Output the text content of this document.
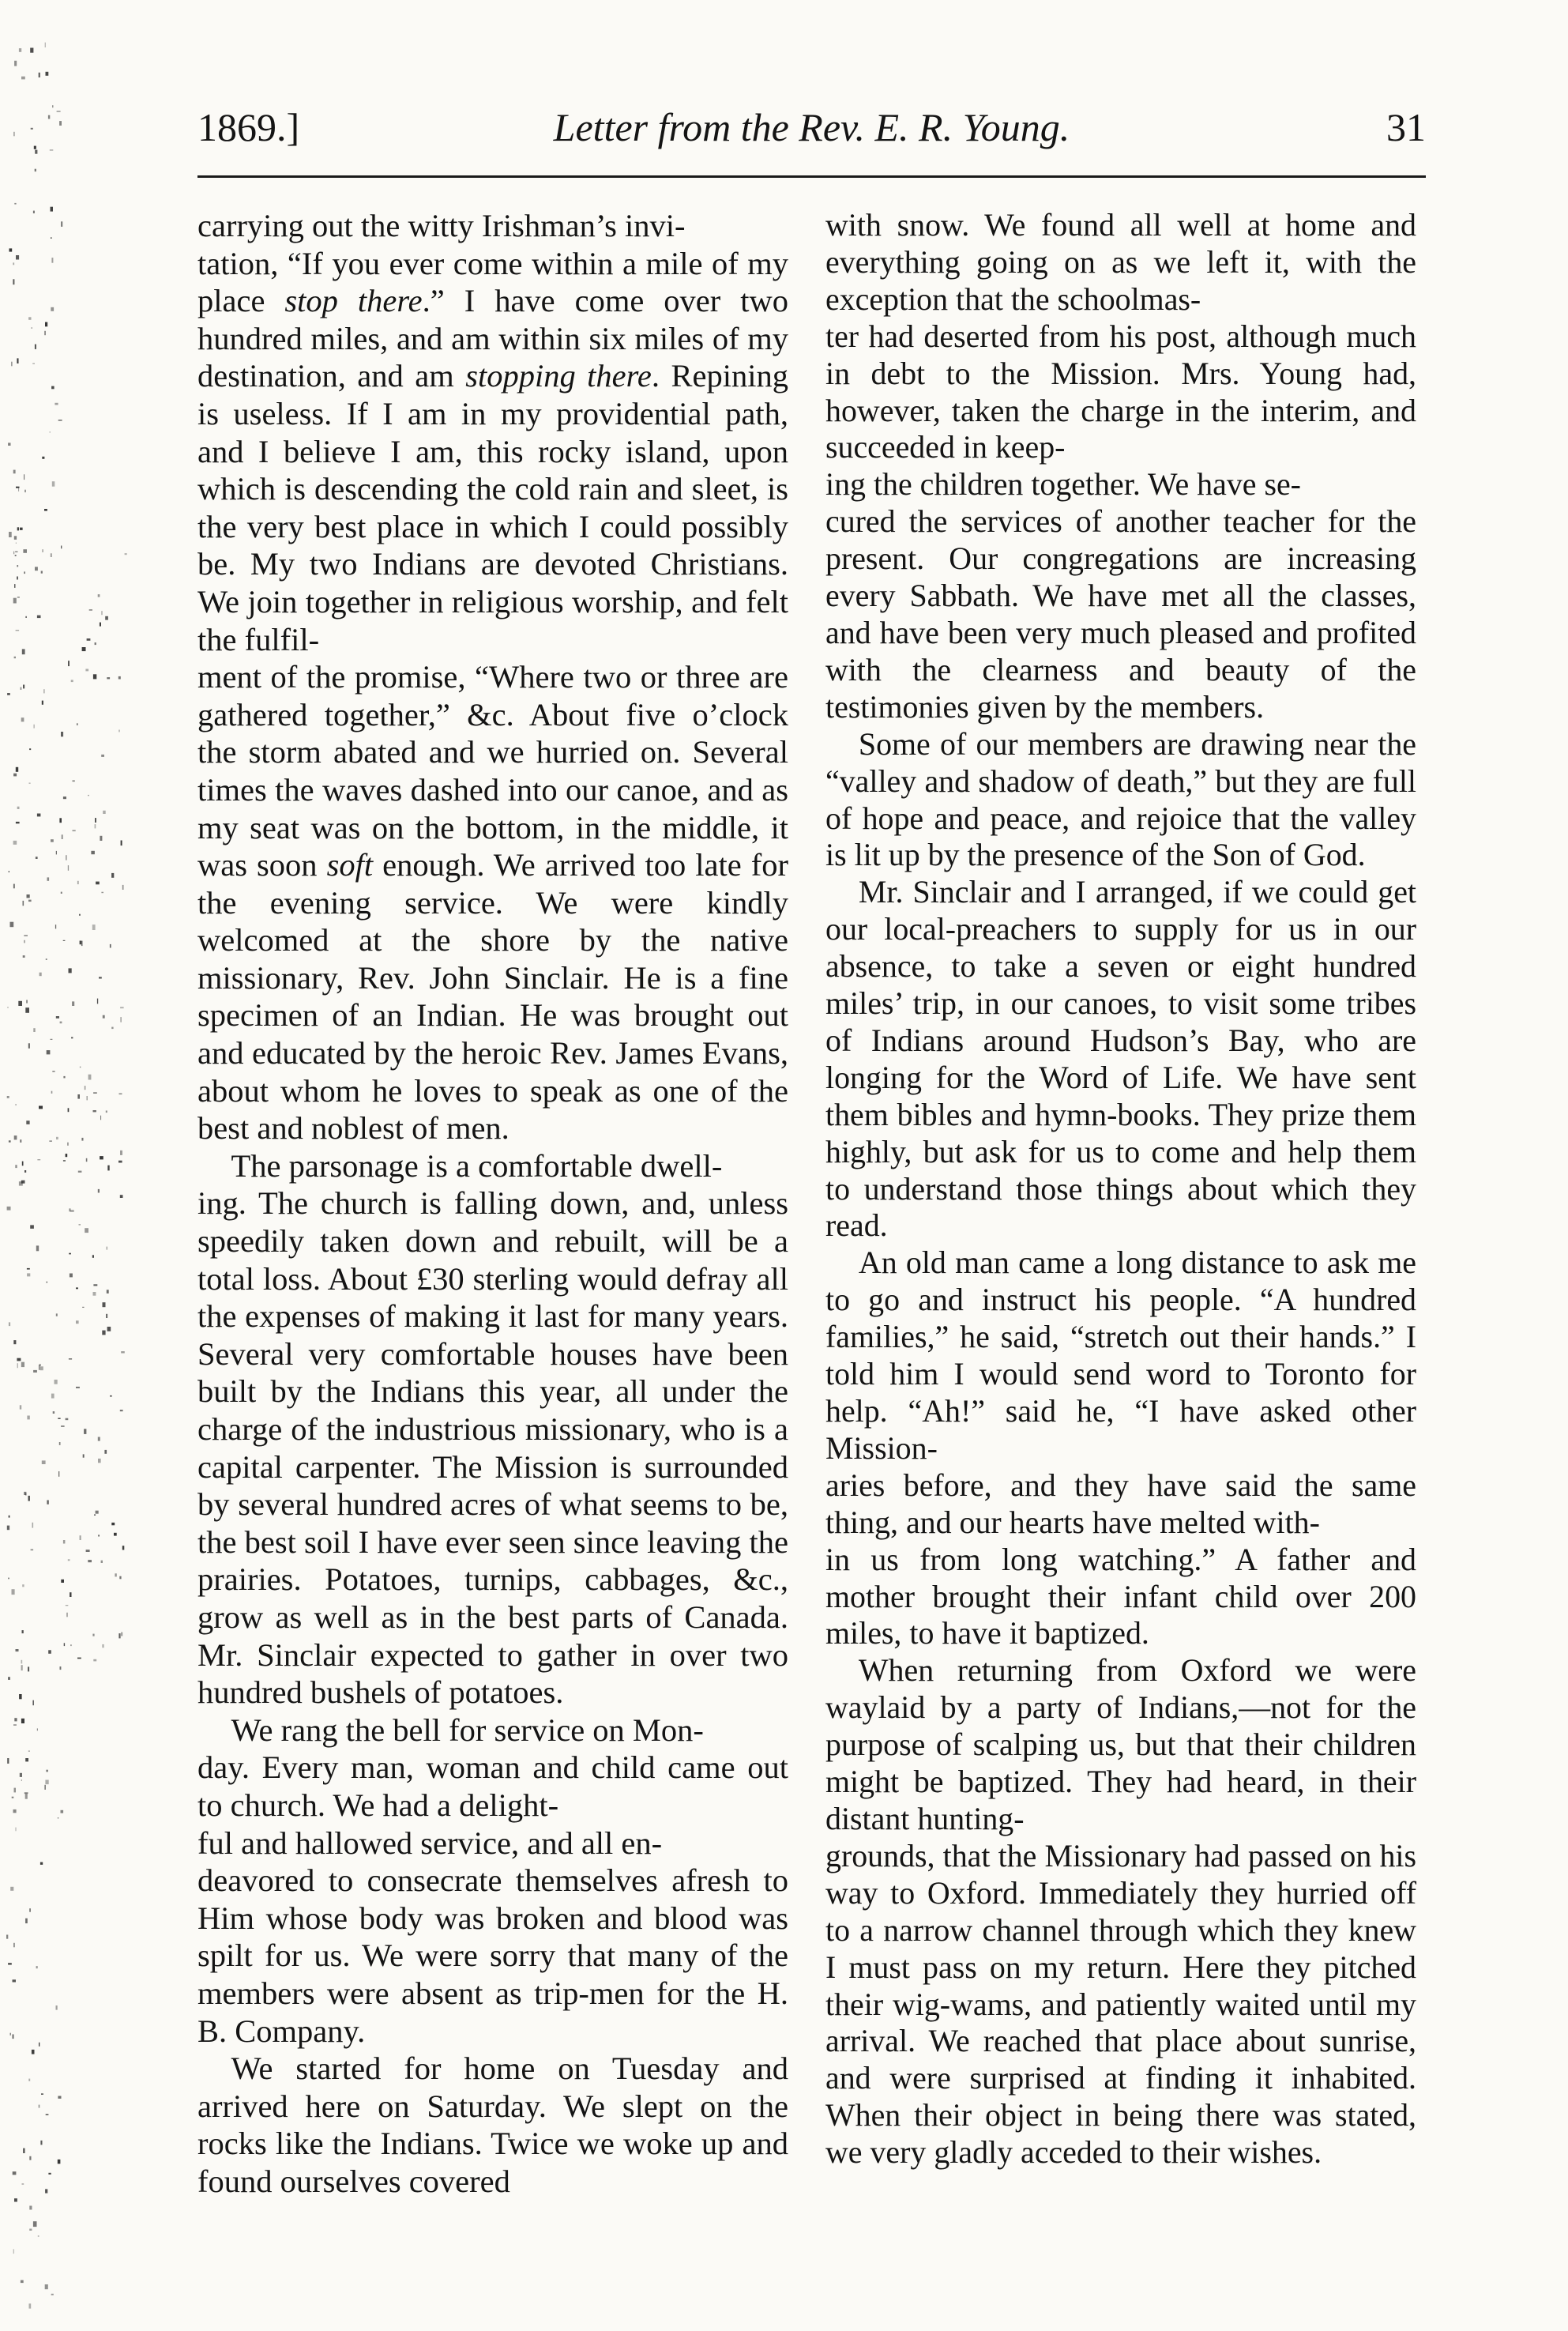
1869.]	Letter from the Rev. E. R. Young.	31

carrying out the witty Irishman’s invi-
tation, “If you ever come within a mile of my place stop there.” I have come over two hundred miles, and am within six miles of my destination, and am stopping there. Repining is useless. If I am in my providential path, and I believe I am, this rocky island, upon which is descending the cold rain and sleet, is the very best place in which I could possibly be. My two Indians are devoted Christians. We join together in religious worship, and felt the fulfil-
ment of the promise, “Where two or three are gathered together,” &c. About five o’clock the storm abated and we hurried on. Several times the waves dashed into our canoe, and as my seat was on the bottom, in the middle, it was soon soft enough. We arrived too late for the evening service. We were kindly welcomed at the shore by the native missionary, Rev. John Sinclair. He is a fine specimen of an Indian. He was brought out and educated by the heroic Rev. James Evans, about whom he loves to speak as one of the best and noblest of men.

The parsonage is a comfortable dwell-
ing. The church is falling down, and, unless speedily taken down and rebuilt, will be a total loss. About £30 sterling would defray all the expenses of making it last for many years. Several very comfortable houses have been built by the Indians this year, all under the charge of the industrious missionary, who is a capital carpenter. The Mission is surrounded by several hundred acres of what seems to be, the best soil I have ever seen since leaving the prairies. Potatoes, turnips, cabbages, &c., grow as well as in the best parts of Canada. Mr. Sinclair expected to gather in over two hundred bushels of potatoes.

We rang the bell for service on Mon-
day. Every man, woman and child came out to church. We had a delight-
ful and hallowed service, and all en-
deavored to consecrate themselves afresh to Him whose body was broken and blood was spilt for us. We were sorry that many of the members were absent as trip-men for the H. B. Company.

We started for home on Tuesday and arrived here on Saturday. We slept on the rocks like the Indians. Twice we woke up and found ourselves covered

with snow. We found all well at home and everything going on as we left it, with the exception that the schoolmas-
ter had deserted from his post, although much in debt to the Mission. Mrs. Young had, however, taken the charge in the interim, and succeeded in keep-
ing the children together. We have se-
cured the services of another teacher for the present. Our congregations are increasing every Sabbath. We have met all the classes, and have been very much pleased and profited with the clearness and beauty of the testimonies given by the members.

Some of our members are drawing near the “valley and shadow of death,” but they are full of hope and peace, and rejoice that the valley is lit up by the presence of the Son of God.

Mr. Sinclair and I arranged, if we could get our local-preachers to supply for us in our absence, to take a seven or eight hundred miles’ trip, in our canoes, to visit some tribes of Indians around Hudson’s Bay, who are longing for the Word of Life. We have sent them bibles and hymn-books. They prize them highly, but ask for us to come and help them to understand those things about which they read.

An old man came a long distance to ask me to go and instruct his people. “A hundred families,” he said, “stretch out their hands.” I told him I would send word to Toronto for help. “Ah!” said he, “I have asked other Mission-
aries before, and they have said the same thing, and our hearts have melted with-
in us from long watching.” A father and mother brought their infant child over 200 miles, to have it baptized.

When returning from Oxford we were waylaid by a party of Indians,—not for the purpose of scalping us, but that their children might be baptized. They had heard, in their distant hunting-
grounds, that the Missionary had passed on his way to Oxford. Immediately they hurried off to a narrow channel through which they knew I must pass on my return. Here they pitched their wig-wams, and patiently waited until my arrival. We reached that place about sunrise, and were surprised at finding it inhabited. When their object in being there was stated, we very gladly acceded to their wishes.
